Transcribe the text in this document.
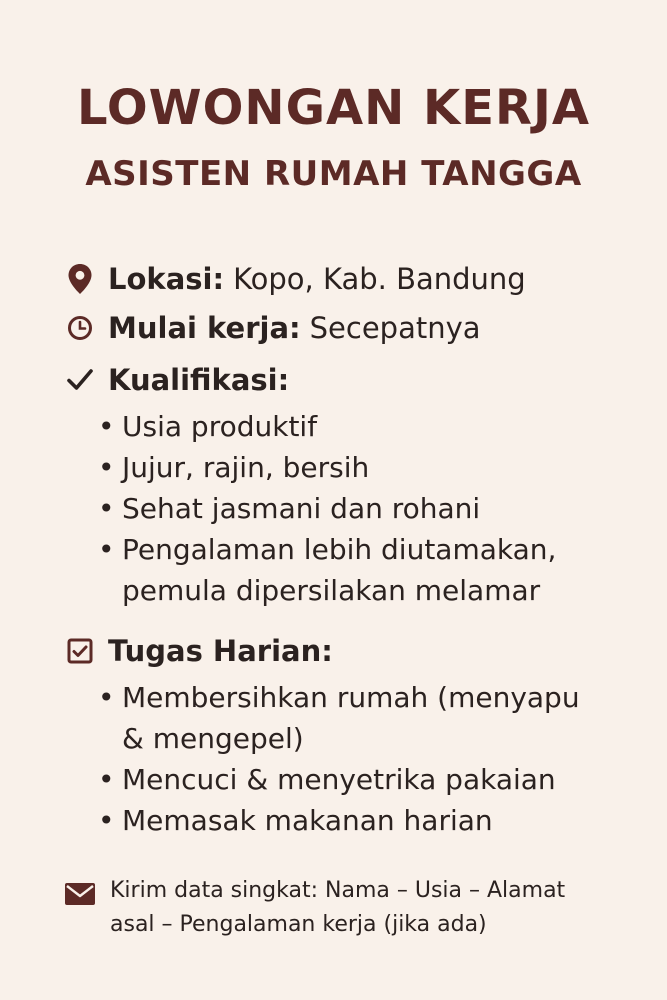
LOWONGAN KERJA
ASISTEN RUMAH TANGGA
Lokasi: Kopo, Kab. Bandung
Mulai kerja: Secepatnya
Kualifikasi:
• Usia produktif
• Jujur, rajin, bersih
• Sehat jasmani dan rohani
• Pengalaman lebih diutamakan, pemula dipersilakan melamar
Tugas Harian:
• Membersihkan rumah (menyapu & mengepel)
• Mencuci & menyetrika pakaian
• Memasak makanan harian
Kirim data singkat: Nama – Usia – Alamat asal – Pengalaman kerja (jika ada)
